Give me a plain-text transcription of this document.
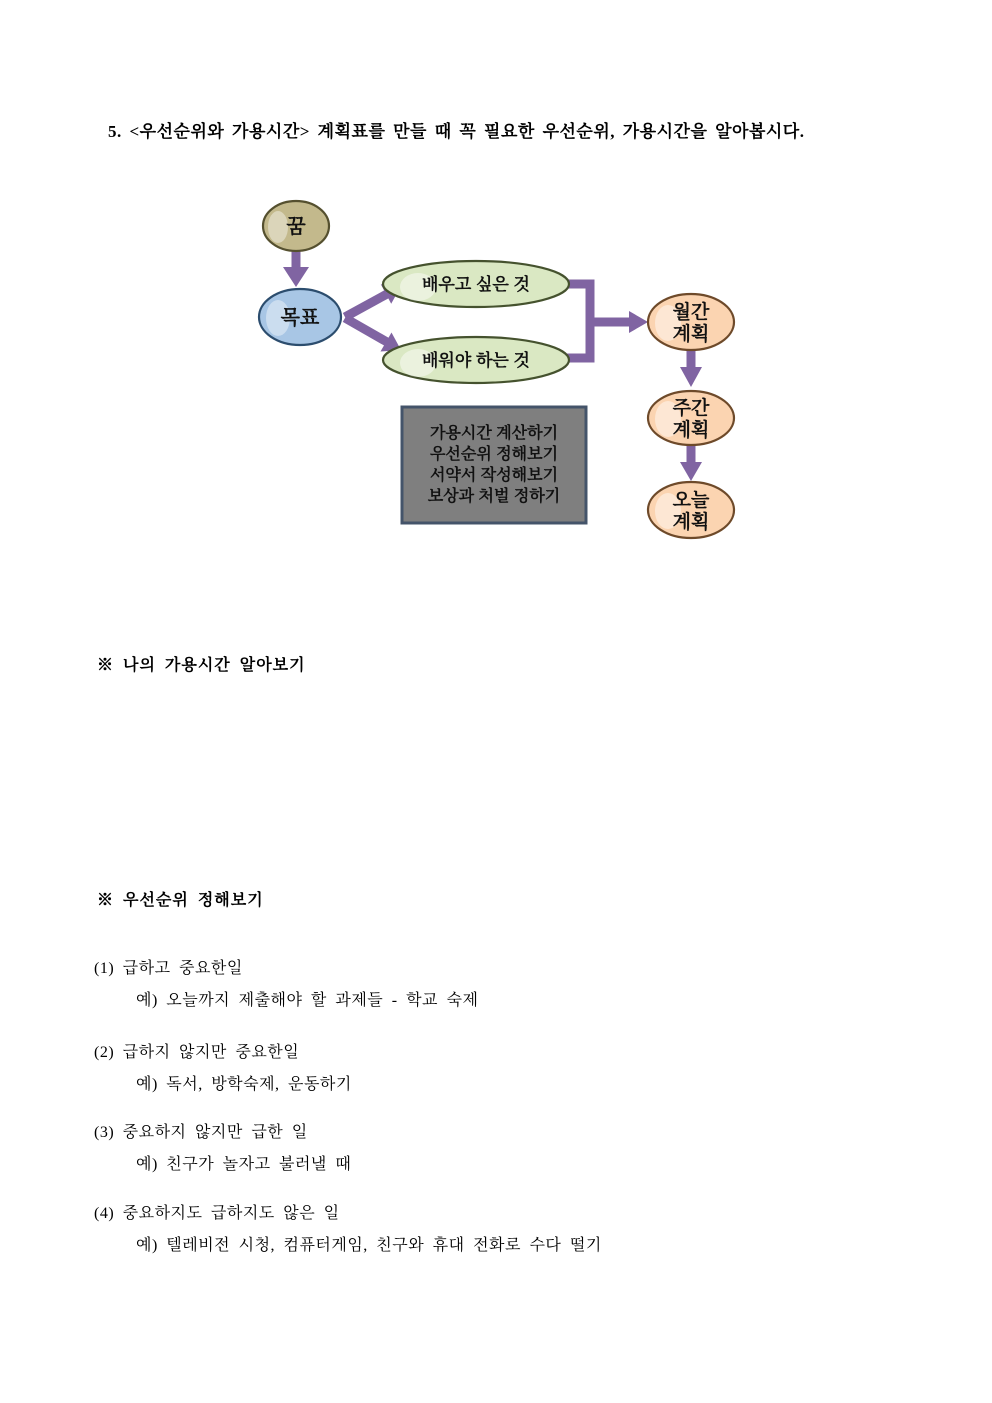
5. <우선순위와 가용시간> 계획표를 만들 때 꼭 필요한 우선순위, 가용시간을 알아봅시다.
꿈
목표
배우고 싶은 것
배워야 하는 것
월간
계획
주간
계획
오늘
계획
가용시간 계산하기
우선순위 정해보기
서약서 작성해보기
보상과 처벌 정하기
※ 나의 가용시간 알아보기
※ 우선순위 정해보기
(1) 급하고 중요한일
예) 오늘까지 제출해야 할 과제들 - 학교 숙제
(2) 급하지 않지만 중요한일
예) 독서, 방학숙제, 운동하기
(3) 중요하지 않지만 급한 일
예) 친구가 놀자고 불러낼 때
(4) 중요하지도 급하지도 않은 일
예) 텔레비전 시청, 컴퓨터게임, 친구와 휴대 전화로 수다 떨기
